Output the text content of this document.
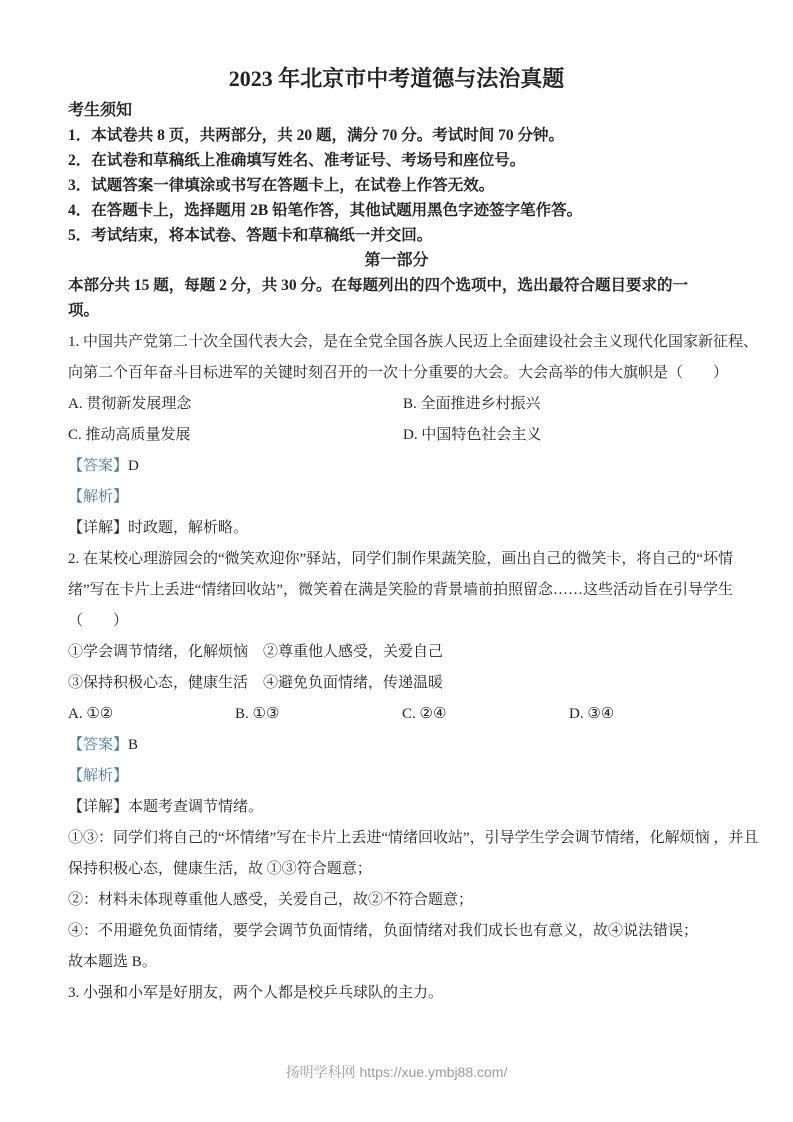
2023 年北京市中考道德与法治真题
考生须知
1．本试卷共 8 页，共两部分，共 20 题，满分 70 分。考试时间 70 分钟。
2．在试卷和草稿纸上准确填写姓名、准考证号、考场号和座位号。
3．试题答案一律填涂或书写在答题卡上，在试卷上作答无效。
4．在答题卡上，选择题用 2B 铅笔作答，其他试题用黑色字迹签字笔作答。
5．考试结束，将本试卷、答题卡和草稿纸一并交回。
第一部分
本部分共 15 题，每题 2 分，共 30 分。在每题列出的四个选项中，选出最符合题目要求的一
项。
1. 中国共产党第二十次全国代表大会，是在全党全国各族人民迈上全面建设社会主义现代化国家新征程、
向第二个百年奋斗目标进军的关键时刻召开的一次十分重要的大会。大会高举的伟大旗帜是（　　）
A. 贯彻新发展理念	B. 全面推进乡村振兴
C. 推动高质量发展	D. 中国特色社会主义
【答案】D
【解析】
【详解】时政题，解析略。
2. 在某校心理游园会的“微笑欢迎你”驿站，同学们制作果蔬笑脸，画出自己的微笑卡，将自己的“坏情
绪”写在卡片上丢进“情绪回收站”，微笑着在满是笑脸的背景墙前拍照留念……这些活动旨在引导学生
（　　）
①学会调节情绪，化解烦恼　②尊重他人感受，关爱自己
③保持积极心态，健康生活　④避免负面情绪，传递温暖
A. ①②	B. ①③	C. ②④	D. ③④
【答案】B
【解析】
【详解】本题考查调节情绪。
①③：同学们将自己的“坏情绪”写在卡片上丢进“情绪回收站”，引导学生学会调节情绪，化解烦恼 ，并且
保持积极心态，健康生活，故 ①③符合题意；
②：材料未体现尊重他人感受，关爱自己，故②不符合题意；
④：不用避免负面情绪，要学会调节负面情绪，负面情绪对我们成长也有意义，故④说法错误；
故本题选 B。
3. 小强和小军是好朋友，两个人都是校乒乓球队的主力。
扬明学科网 https://xue.ymbj88.com/
